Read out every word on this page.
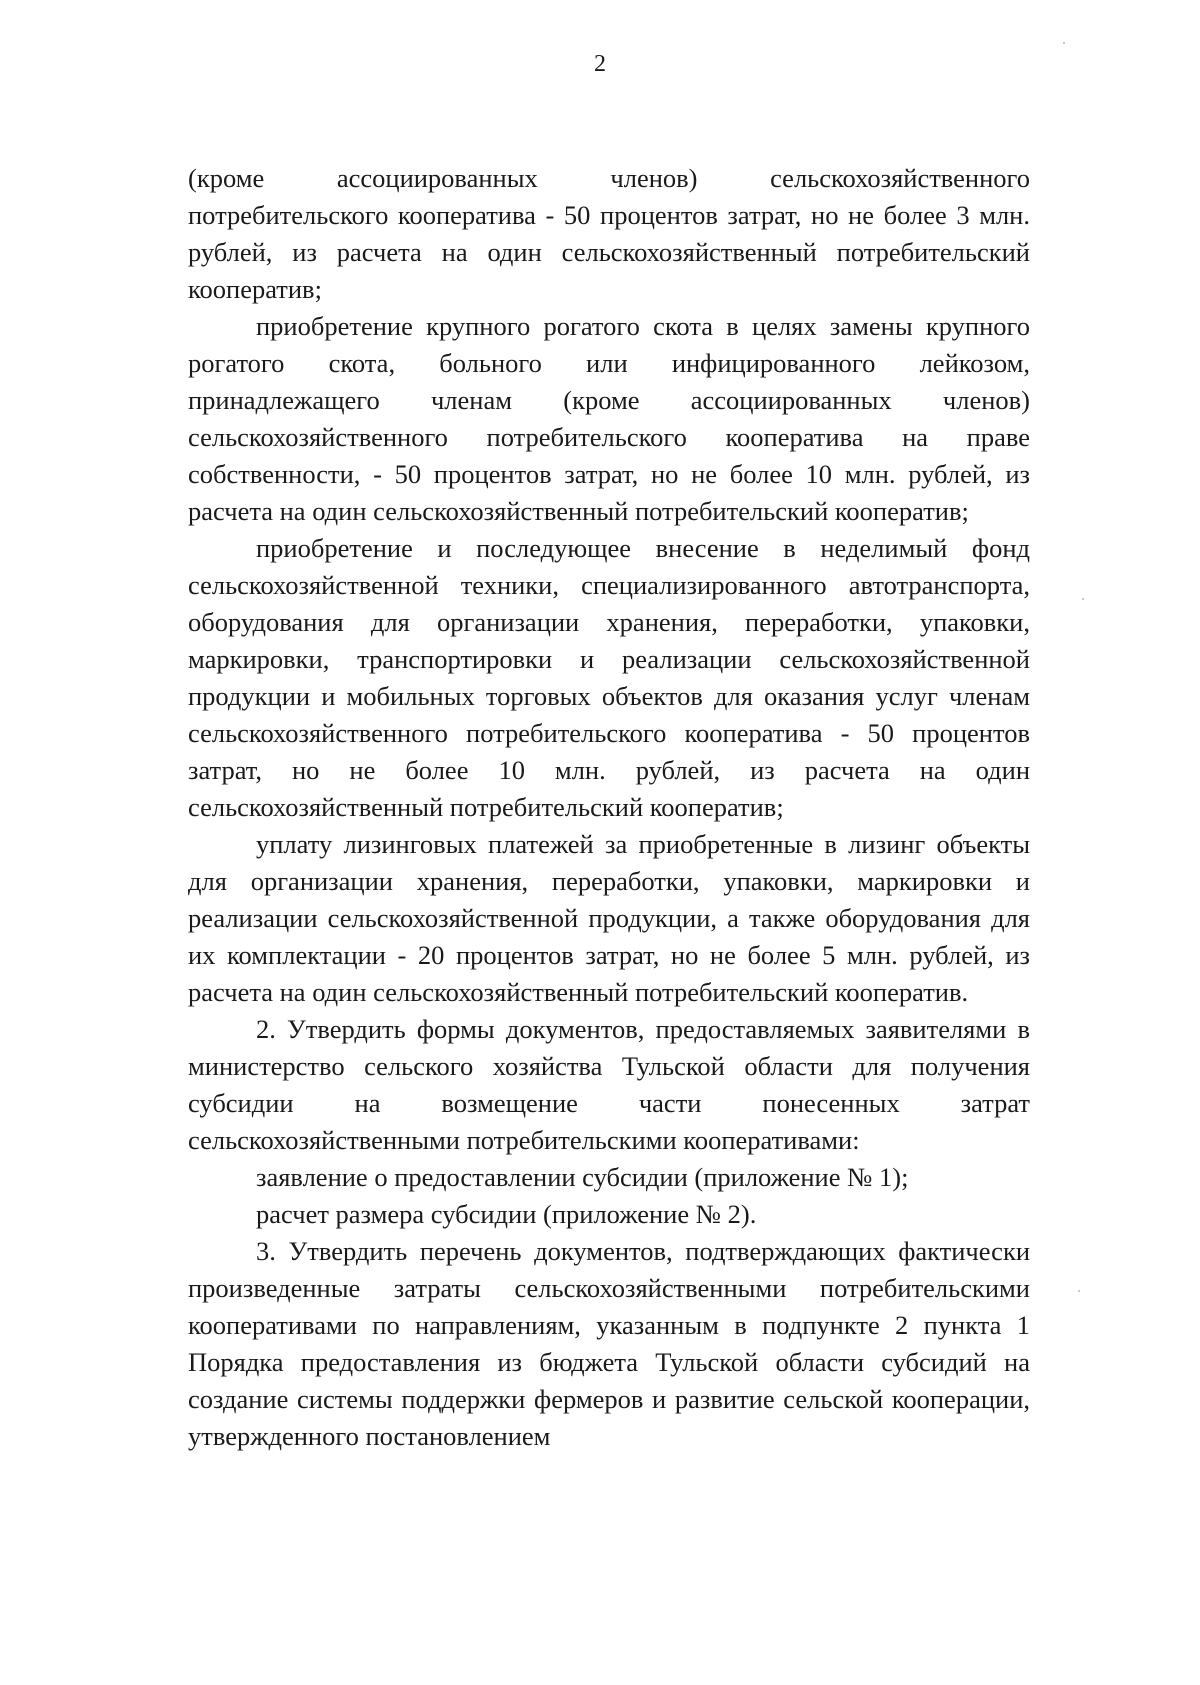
2

(кроме ассоциированных членов) сельскохозяйственного потребительского кооператива - 50 процентов затрат, но не более 3 млн. рублей, из расчета на один сельскохозяйственный потребительский кооператив;

приобретение крупного рогатого скота в целях замены крупного рогатого скота, больного или инфицированного лейкозом, принадлежащего членам (кроме ассоциированных членов) сельскохозяйственного потребительского кооператива на праве собственности, - 50 процентов затрат, но не более 10 млн. рублей, из расчета на один сельскохозяйственный потребительский кооператив;

приобретение и последующее внесение в неделимый фонд сельскохозяйственной техники, специализированного автотранспорта, оборудования для организации хранения, переработки, упаковки, маркировки, транспортировки и реализации сельскохозяйственной продукции и мобильных торговых объектов для оказания услуг членам сельскохозяйственного потребительского кооператива - 50 процентов затрат, но не более 10 млн. рублей, из расчета на один сельскохозяйственный потребительский кооператив;

уплату лизинговых платежей за приобретенные в лизинг объекты для организации хранения, переработки, упаковки, маркировки и реализации сельскохозяйственной продукции, а также оборудования для их комплектации - 20 процентов затрат, но не более 5 млн. рублей, из расчета на один сельскохозяйственный потребительский кооператив.

2. Утвердить формы документов, предоставляемых заявителями в министерство сельского хозяйства Тульской области для получения субсидии на возмещение части понесенных затрат сельскохозяйственными потребительскими кооперативами:

заявление о предоставлении субсидии (приложение № 1);

расчет размера субсидии (приложение № 2).

3. Утвердить перечень документов, подтверждающих фактически произведенные затраты сельскохозяйственными потребительскими кооперативами по направлениям, указанным в подпункте 2 пункта 1 Порядка предоставления из бюджета Тульской области субсидий на создание системы поддержки фермеров и развитие сельской кооперации, утвержденного постановлением
